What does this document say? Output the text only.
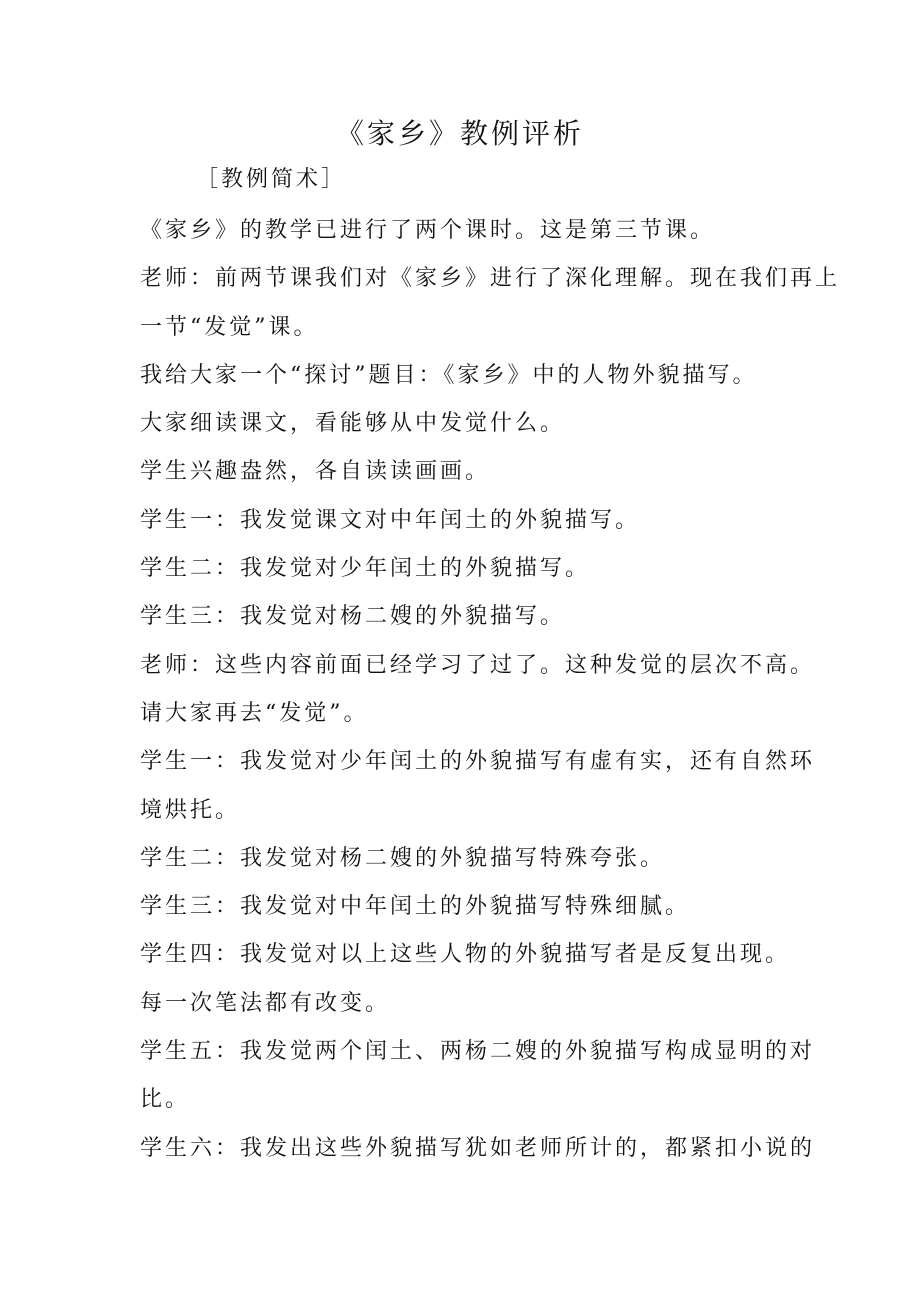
《家乡》教例评析
［教例简术］

《家乡》的教学已进行了两个课时。这是第三节课。

老师：前两节课我们对《家乡》进行了深化理解。现在我们再上

一节“发觉”课。

我给大家一个“探讨”题目：《家乡》中的人物外貌描写。

大家细读课文，看能够从中发觉什么。

学生兴趣盎然，各自读读画画。

学生一：我发觉课文对中年闰土的外貌描写。

学生二：我发觉对少年闰土的外貌描写。

学生三：我发觉对杨二嫂的外貌描写。

老师：这些内容前面已经学习了过了。这种发觉的层次不高。

请大家再去“发觉”。

学生一：我发觉对少年闰土的外貌描写有虚有实，还有自然环

境烘托。

学生二：我发觉对杨二嫂的外貌描写特殊夸张。

学生三：我发觉对中年闰土的外貌描写特殊细腻。

学生四：我发觉对以上这些人物的外貌描写者是反复出现。

每一次笔法都有改变。

学生五：我发觉两个闰土、两杨二嫂的外貌描写构成显明的对

比。

学生六：我发出这些外貌描写犹如老师所计的，都紧扣小说的
